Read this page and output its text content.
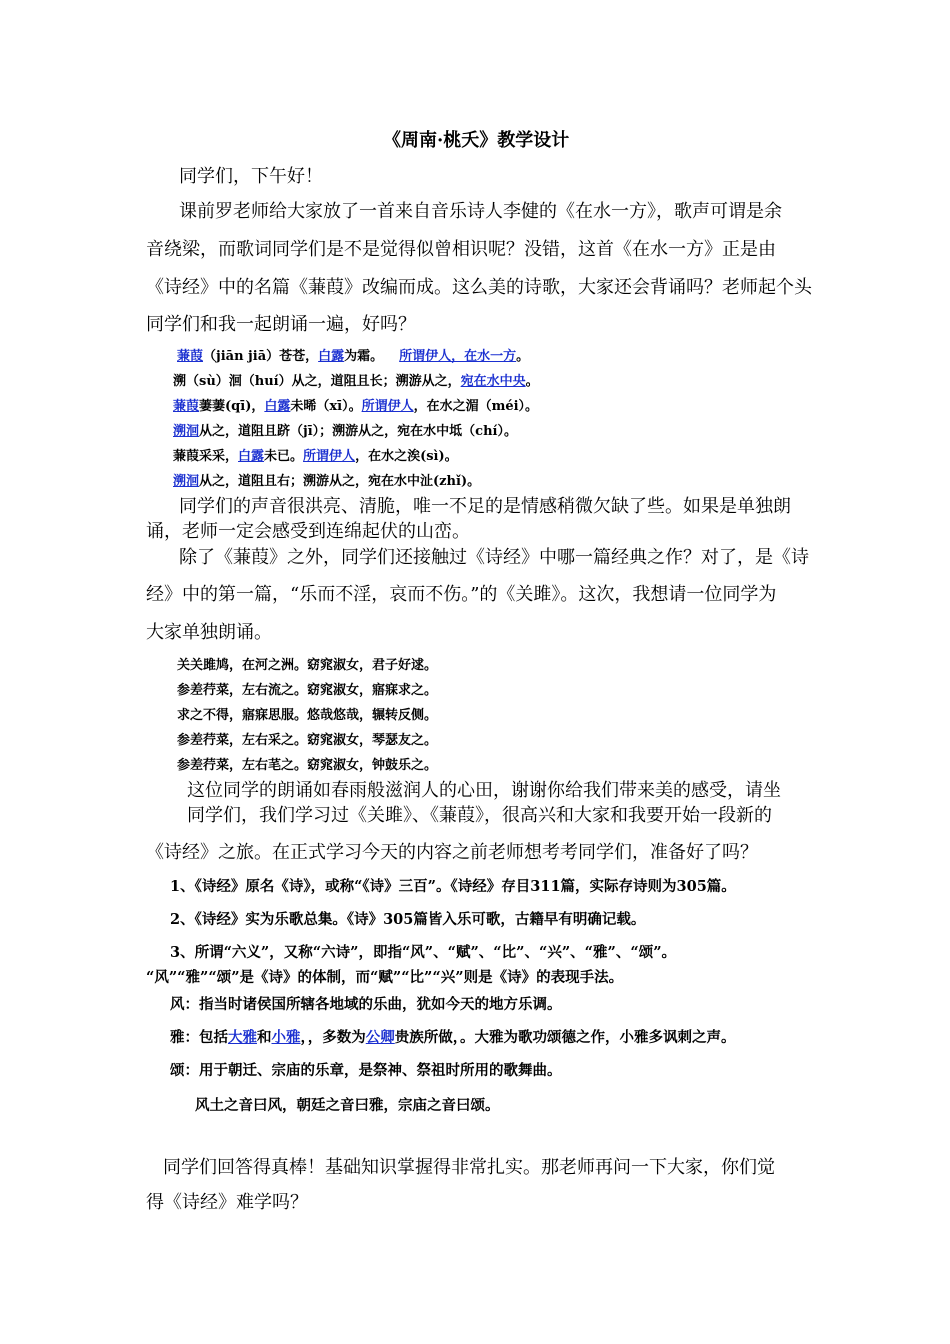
《周南·桃夭》教学设计
同学们，下午好！
课前罗老师给大家放了一首来自音乐诗人李健的《在水一方》，歌声可谓是余
音绕梁，而歌词同学们是不是觉得似曾相识呢？没错，这首《在水一方》正是由
《诗经》中的名篇《蒹葭》改编而成。这么美的诗歌，大家还会背诵吗？老师起个头
同学们和我一起朗诵一遍，好吗？
蒹葭（jiān jiā）苍苍，白露为霜。 所谓伊人，在水一方。
溯（sù）洄（huí）从之，道阻且长；溯游从之，宛在水中央。
蒹葭萋萋(qī)，白露未晞（xī）。所谓伊人，在水之湄（méi）。
溯洄从之，道阻且跻（jī）；溯游从之，宛在水中坻（chí）。
蒹葭采采，白露未已。所谓伊人，在水之涘(sì)。
溯洄从之，道阻且右；溯游从之，宛在水中沚(zhǐ)。
同学们的声音很洪亮、清脆，唯一不足的是情感稍微欠缺了些。如果是单独朗
诵，老师一定会感受到连绵起伏的山峦。
除了《蒹葭》之外，同学们还接触过《诗经》中哪一篇经典之作？对了，是《诗
经》中的第一篇，“乐而不淫，哀而不伤。”的《关雎》。这次，我想请一位同学为
大家单独朗诵。
关关雎鸠，在河之洲。窈窕淑女，君子好逑。
参差荇菜，左右流之。窈窕淑女，寤寐求之。
求之不得，寤寐思服。悠哉悠哉，辗转反侧。
参差荇菜，左右采之。窈窕淑女，琴瑟友之。
参差荇菜，左右芼之。窈窕淑女，钟鼓乐之。
这位同学的朗诵如春雨般滋润人的心田，谢谢你给我们带来美的感受，请坐
同学们，我们学习过《关雎》、《蒹葭》，很高兴和大家和我要开始一段新的
《诗经》之旅。在正式学习今天的内容之前老师想考考同学们，准备好了吗？
1、《诗经》原名《诗》，或称“《诗》三百”。《诗经》存目311篇，实际存诗则为305篇。
2、《诗经》实为乐歌总集。《诗》305篇皆入乐可歌，古籍早有明确记载。
3、所谓“六义”，又称“六诗”，即指“风”、“赋”、“比”、“兴”、“雅”、“颂”。
“风”“雅”“颂”是《诗》的体制，而“赋”“比”“兴”则是《诗》的表现手法。
风：指当时诸侯国所辖各地域的乐曲，犹如今天的地方乐调。
雅：包括大雅和小雅，，多数为公卿贵族所做，。大雅为歌功颂德之作，小雅多讽刺之声。
颂：用于朝迁、宗庙的乐章，是祭神、祭祖时所用的歌舞曲。
风土之音曰风，朝廷之音曰雅，宗庙之音曰颂。
同学们回答得真棒！基础知识掌握得非常扎实。那老师再问一下大家，你们觉
得《诗经》难学吗？
